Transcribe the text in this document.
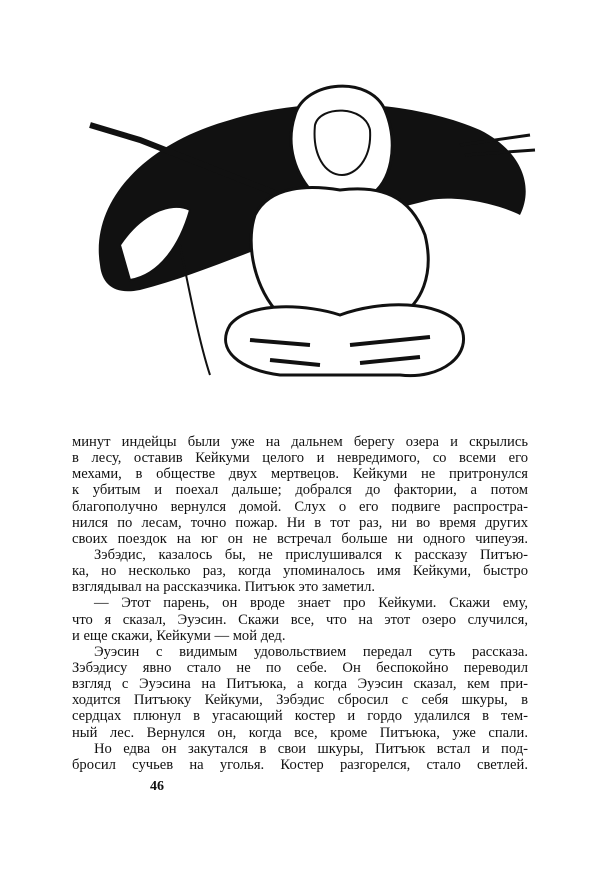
минут индейцы были уже на дальнем берегу озера и скрылись
в лесу, оставив Кейкуми целого и невредимого, со всеми его
мехами, в обществе двух мертвецов. Кейкуми не притронулся
к убитым и поехал дальше; добрался до фактории, а потом
благополучно вернулся домой. Слух о его подвиге распростра-
нился по лесам, точно пожар. Ни в тот раз, ни во время других
своих поездок на юг он не встречал больше ни одного чипеуэя.
Зэбэдис, казалось бы, не прислушивался к рассказу Питъю-
ка, но несколько раз, когда упоминалось имя Кейкуми, быстро
взглядывал на рассказчика. Питъюк это заметил.
— Этот парень, он вроде знает про Кейкуми. Скажи ему,
что я сказал, Эуэсин. Скажи все, что на этот озеро случился,
и еще скажи, Кейкуми — мой дед.
Эуэсин с видимым удовольствием передал суть рассказа.
Зэбэдису явно стало не по себе. Он беспокойно переводил
взгляд с Эуэсина на Питъюка, а когда Эуэсин сказал, кем при-
ходится Питъюку Кейкуми, Зэбэдис сбросил с себя шкуры, в
сердцах плюнул в угасающий костер и гордо удалился в тем-
ный лес. Вернулся он, когда все, кроме Питъюка, уже спали.
Но едва он закутался в свои шкуры, Питъюк встал и под-
бросил сучьев на уголья. Костер разгорелся, стало светлей.
46
